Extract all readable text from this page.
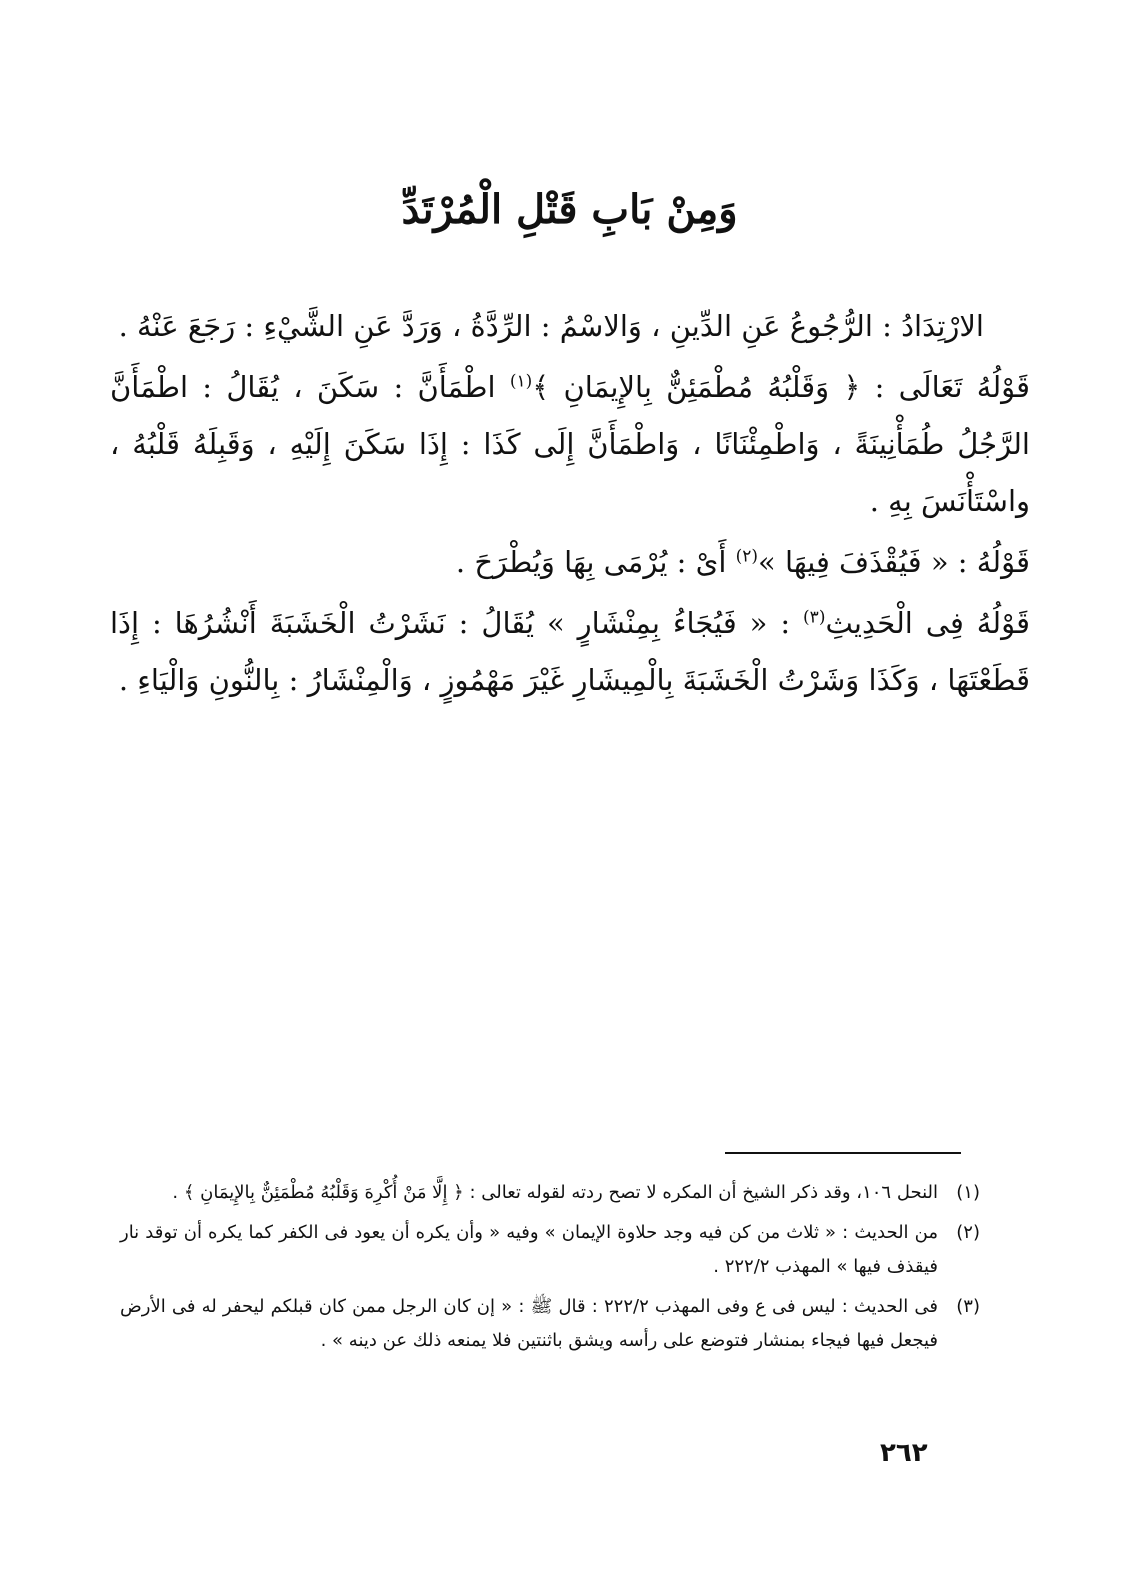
وَمِنْ بَابِ قَتْلِ الْمُرْتَدِّ

الارْتِدَادُ : الرُّجُوعُ عَنِ الدِّينِ ، وَالاسْمُ : الرِّدَّةُ ، وَرَدَّ عَنِ الشَّيْءِ : رَجَعَ عَنْهُ .

قَوْلُهُ تَعَالَى : ﴿ وَقَلْبُهُ مُطْمَئِنٌّ بِالإِيمَانِ ﴾$^{(١)}$ اطْمَأَنَّ : سَكَنَ ، يُقَالُ : اطْمَأَنَّ الرَّجُلُ طُمَأْنِينَةً ، وَاطْمِئْنَانًا ، وَاطْمَأَنَّ إِلَى كَذَا : إِذَا سَكَنَ إِلَيْهِ ، وَقَبِلَهُ قَلْبُهُ ، واسْتَأْنَسَ بِهِ .

قَوْلُهُ : « فَيُقْذَفَ فِيهَا »$^{(٢)}$ أَىْ : يُرْمَى بِهَا وَيُطْرَحَ .

قَوْلُهُ فِى الْحَدِيثِ$^{(٣)}$ : « فَيُجَاءُ بِمِنْشَارٍ » يُقَالُ : نَشَرْتُ الْخَشَبَةَ أَنْشُرُهَا : إِذَا قَطَعْتَهَا ، وَكَذَا وَشَرْتُ الْخَشَبَةَ بِالْمِيشَارِ غَيْرَ مَهْمُوزٍ ، وَالْمِنْشَارُ : بِالنُّونِ وَالْيَاءِ .

(١)
النحل ١٠٦، وقد ذكر الشيخ أن المكره لا تصح ردته لقوله تعالى : ﴿ إِلَّا مَنْ أُكْرِهَ وَقَلْبُهُ مُطْمَئِنٌّ بِالإِيمَانِ ﴾ .
(٢)
من الحديث : « ثلاث من كن فيه وجد حلاوة الإيمان » وفيه « وأن يكره أن يعود فى الكفر كما يكره أن توقد نار فيقذف فيها » المهذب ٢٢٢/٢ .
(٣)
فى الحديث : ليس فى ع وفى المهذب ٢٢٢/٢ : قال ﷺ : « إن كان الرجل ممن كان قبلكم ليحفر له فى الأرض فيجعل فيها فيجاء بمنشار فتوضع على رأسه ويشق باثنتين فلا يمنعه ذلك عن دينه » .
٢٦٢
